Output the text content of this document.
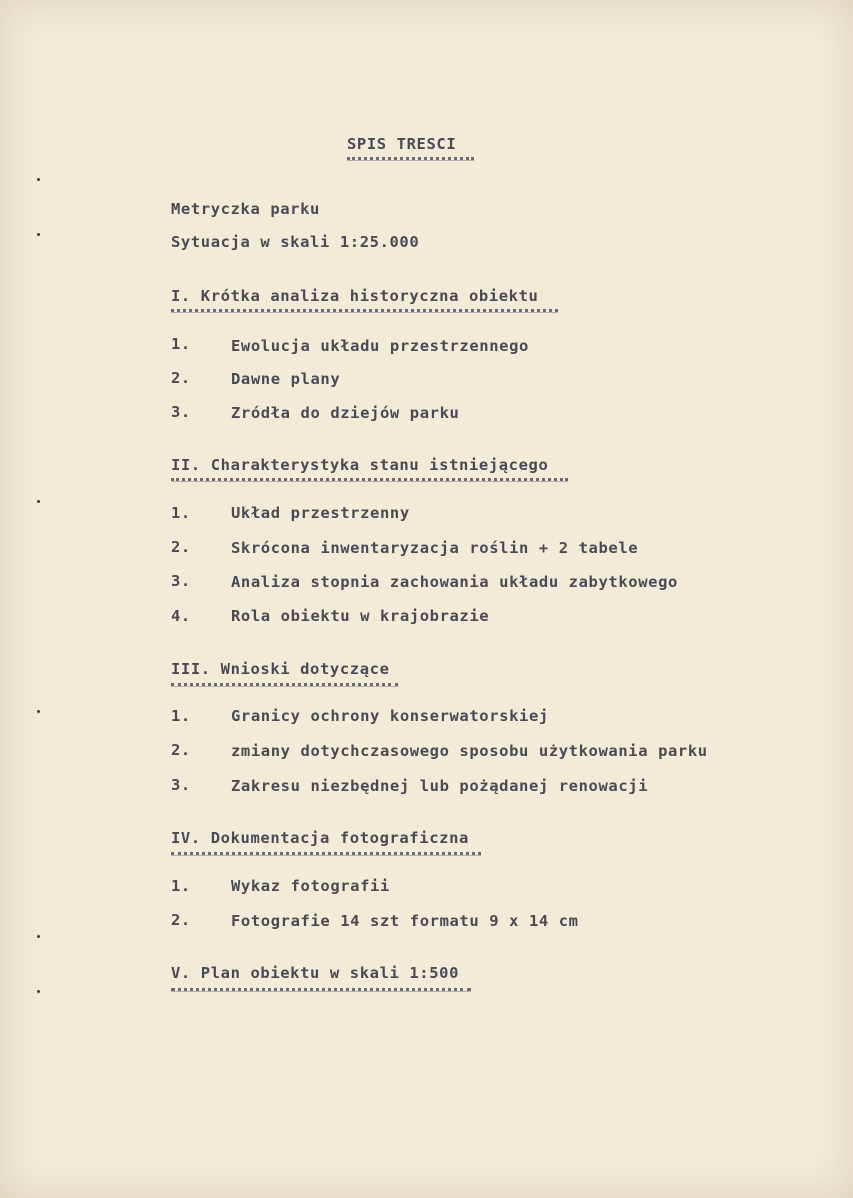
SPIS TRESCI
Metryczka parku
Sytuacja w skali 1:25.000
I. Krótka analiza historyczna obiektu
1.	Ewolucja układu przestrzennego
2.	Dawne plany
3.	Zródła do dziejów parku
II. Charakterystyka stanu istniejącego
1.	Układ przestrzenny
2.	Skrócona inwentaryzacja roślin + 2 tabele
3.	Analiza stopnia zachowania układu zabytkowego
4.	Rola obiektu w krajobrazie
III. Wnioski dotyczące
1.	Granicy ochrony konserwatorskiej
2.	zmiany dotychczasowego sposobu użytkowania parku
3.	Zakresu niezbędnej lub pożądanej renowacji
IV. Dokumentacja fotograficzna
1.	Wykaz fotografii
2.	Fotografie 14 szt formatu 9 x 14 cm
V. Plan obiektu w skali 1:500
